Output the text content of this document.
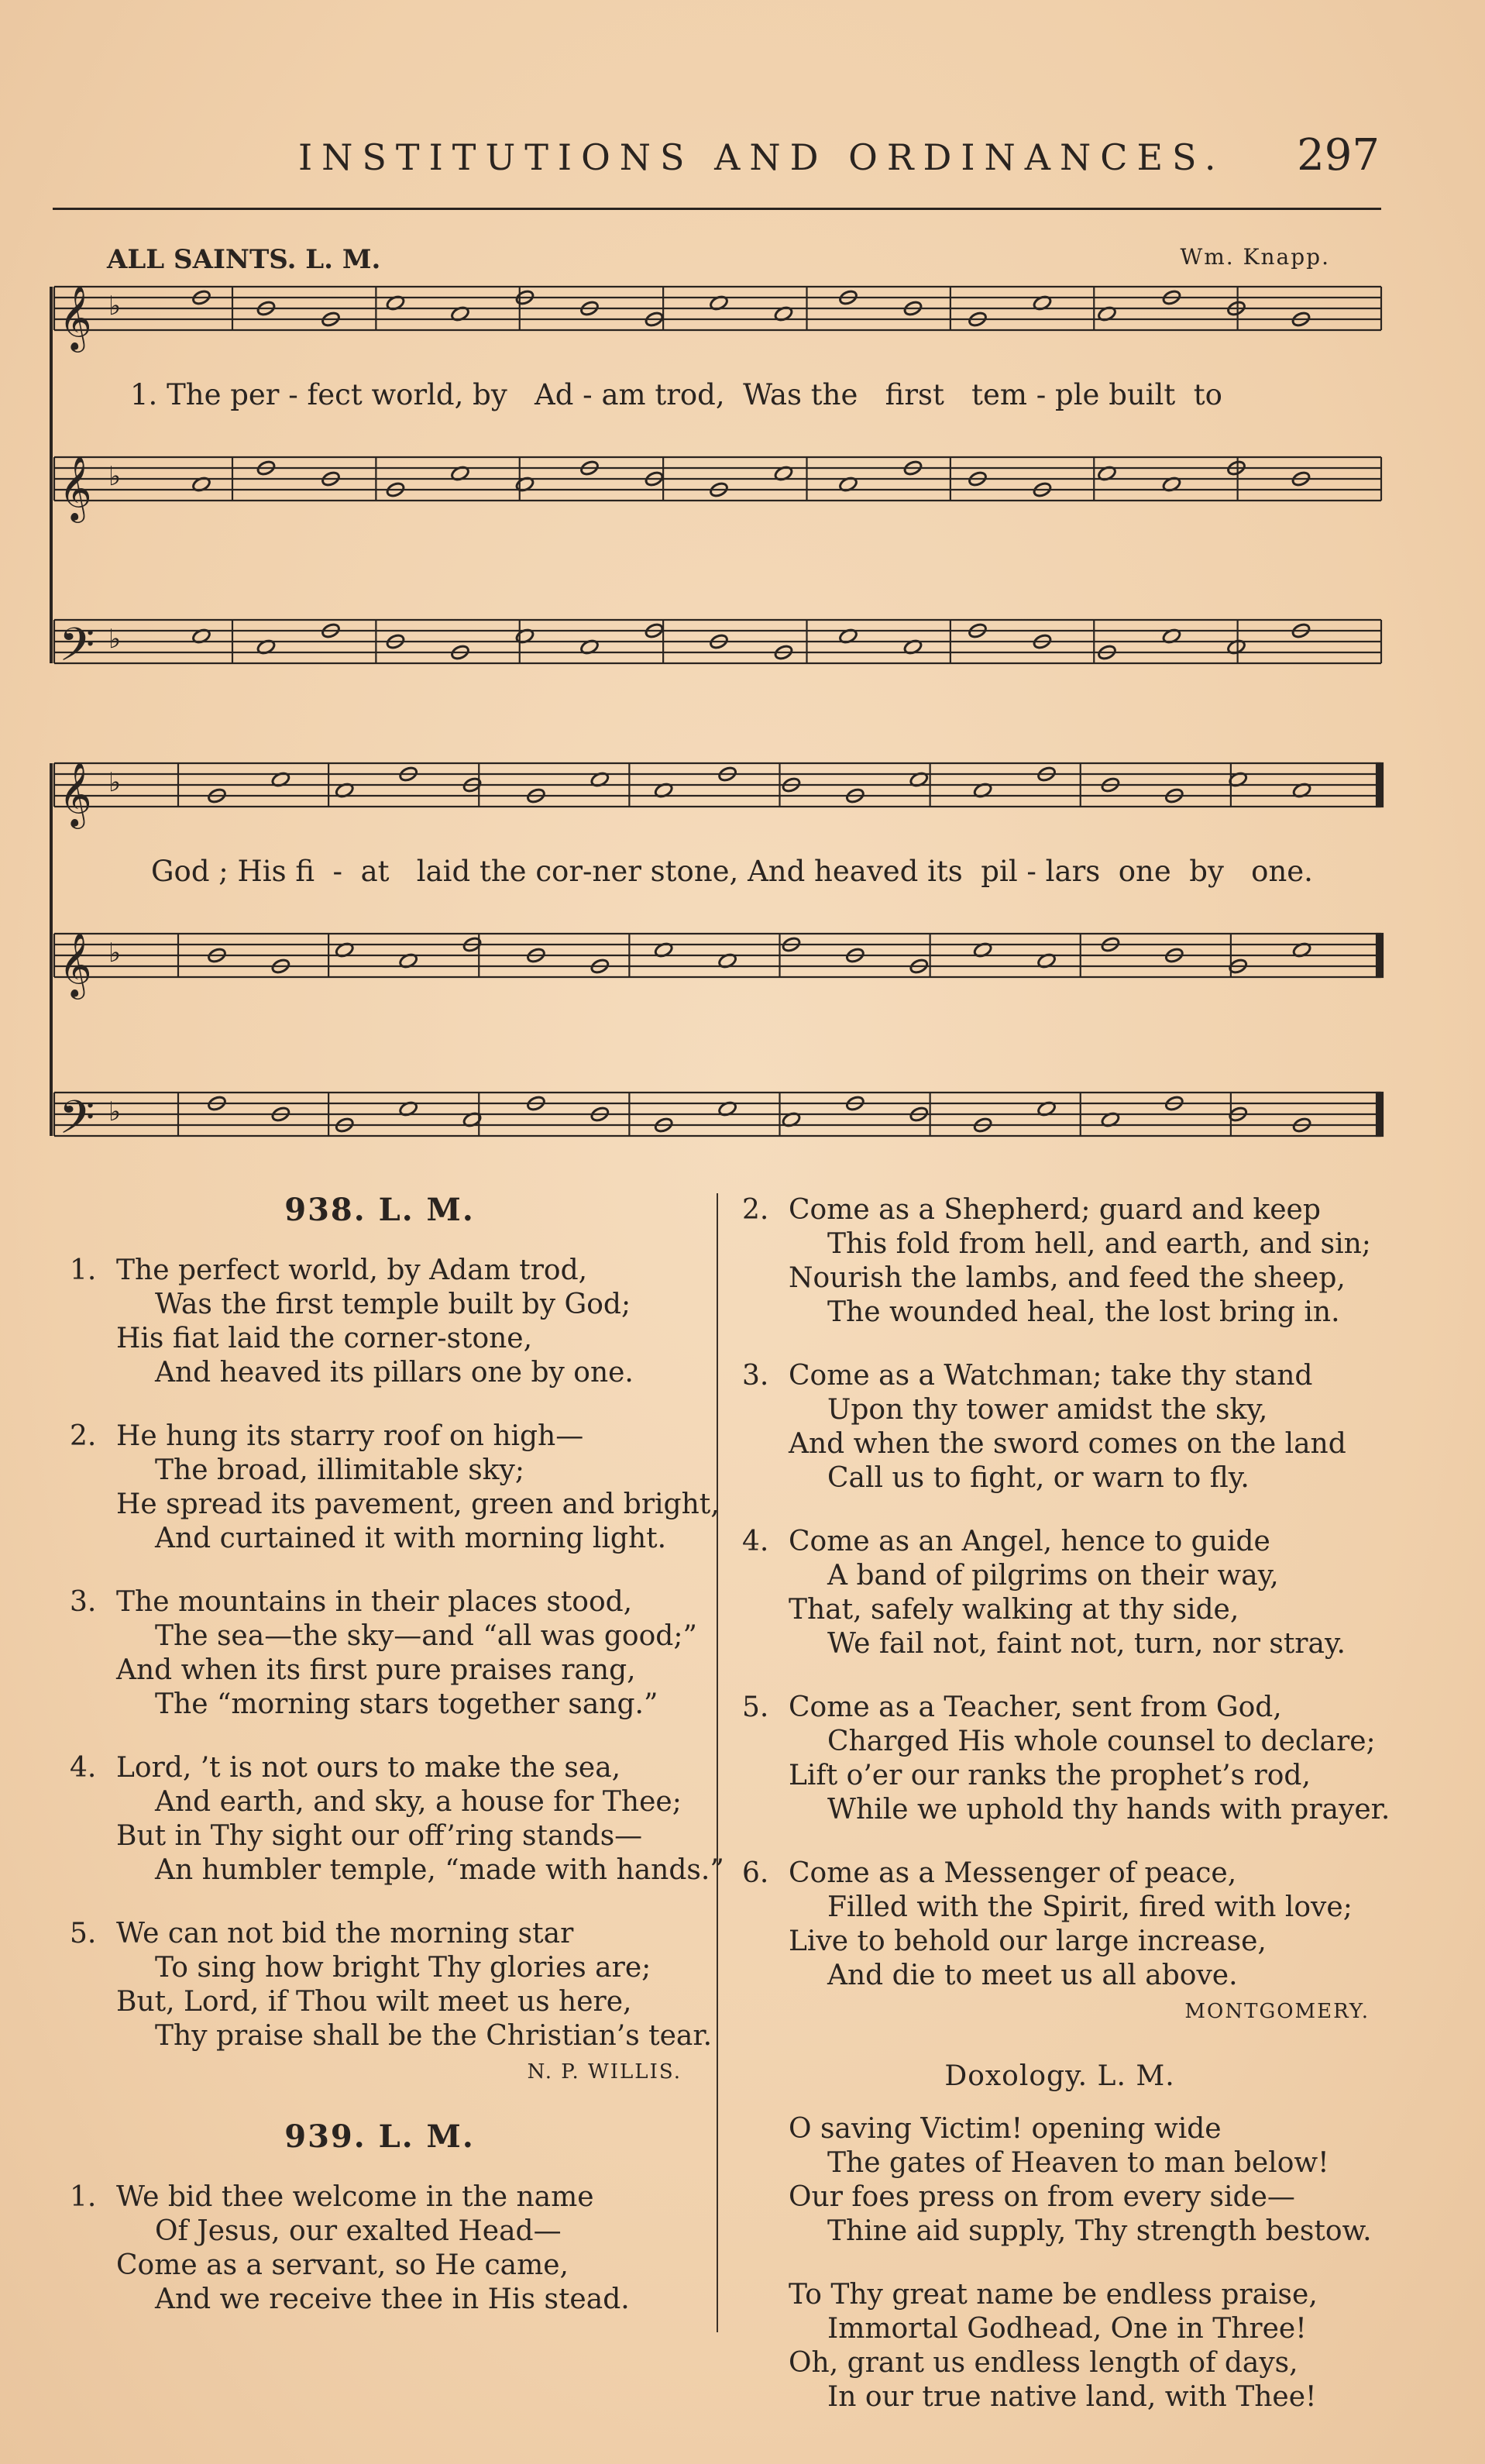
INSTITUTIONS AND ORDINANCES. 297
ALL SAINTS. L. M.	Wm. Knapp.
𝄞 ♭
𝄞 ♭
𝄢 ♭
𝄞 ♭
𝄞 ♭
𝄢 ♭
1. The per - fect world, by   Ad - am trod,  Was the   first   tem - ple built  to
God ; His fi  -  at   laid the cor-ner stone, And heaved its  pil - lars  one  by   one.
938. L. M.
1. The perfect world, by Adam trod,
Was the first temple built by God;
His fiat laid the corner-stone,
And heaved its pillars one by one.
2. He hung its starry roof on high—
The broad, illimitable sky;
He spread its pavement, green and bright,
And curtained it with morning light.
3. The mountains in their places stood,
The sea—the sky—and “all was good;”
And when its first pure praises rang,
The “morning stars together sang.”
4. Lord, ’t is not ours to make the sea,
And earth, and sky, a house for Thee;
But in Thy sight our off’ring stands—
An humbler temple, “made with hands.”
5. We can not bid the morning star
To sing how bright Thy glories are;
But, Lord, if Thou wilt meet us here,
Thy praise shall be the Christian’s tear.
N. P. WILLIS.
939. L. M.
1. We bid thee welcome in the name
Of Jesus, our exalted Head—
Come as a servant, so He came,
And we receive thee in His stead.
2. Come as a Shepherd; guard and keep
This fold from hell, and earth, and sin;
Nourish the lambs, and feed the sheep,
The wounded heal, the lost bring in.
3. Come as a Watchman; take thy stand
Upon thy tower amidst the sky,
And when the sword comes on the land
Call us to fight, or warn to fly.
4. Come as an Angel, hence to guide
A band of pilgrims on their way,
That, safely walking at thy side,
We fail not, faint not, turn, nor stray.
5. Come as a Teacher, sent from God,
Charged His whole counsel to declare;
Lift o’er our ranks the prophet’s rod,
While we uphold thy hands with prayer.
6. Come as a Messenger of peace,
Filled with the Spirit, fired with love;
Live to behold our large increase,
And die to meet us all above.
MONTGOMERY.
Doxology. L. M.
O saving Victim! opening wide
The gates of Heaven to man below!
Our foes press on from every side—
Thine aid supply, Thy strength bestow.
To Thy great name be endless praise,
Immortal Godhead, One in Three!
Oh, grant us endless length of days,
In our true native land, with Thee!
